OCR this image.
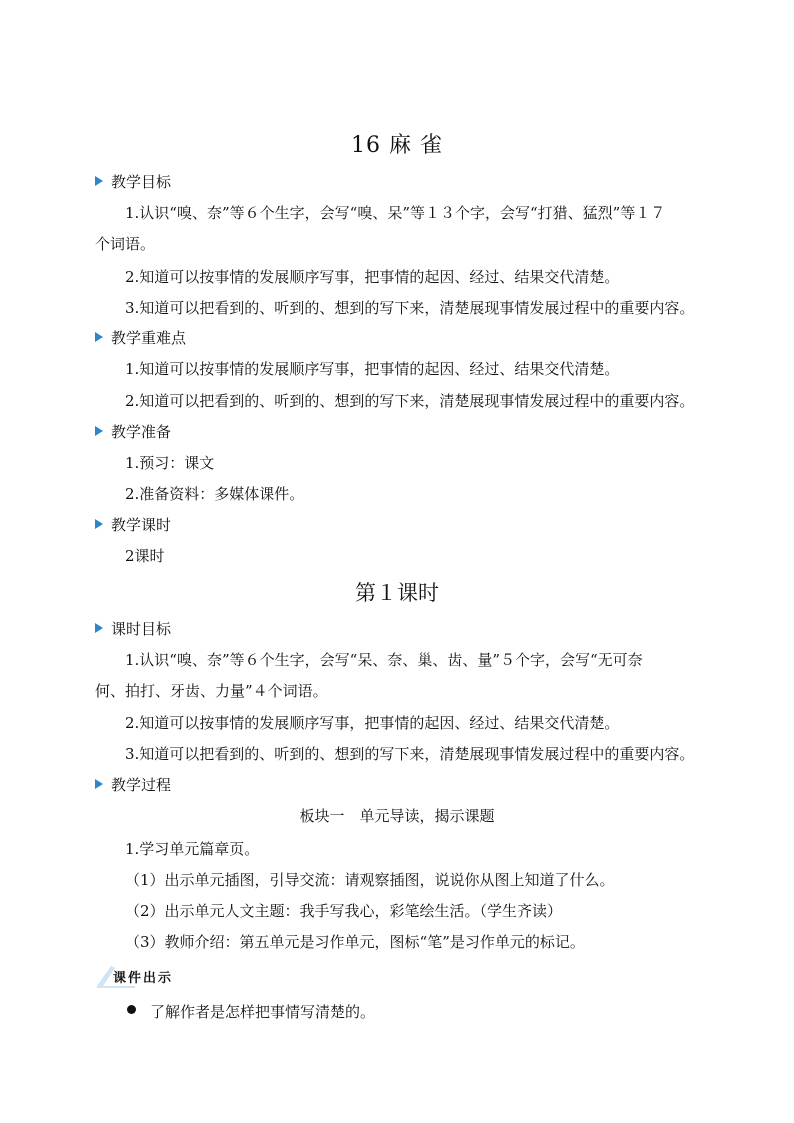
16 麻 雀
教学目标
1.认识“嗅、奈”等６个生字，会写“嗅、呆”等１３个字，会写“打猎、猛烈”等１７
个词语。
2.知道可以按事情的发展顺序写事，把事情的起因、经过、结果交代清楚。
3.知道可以把看到的、听到的、想到的写下来，清楚展现事情发展过程中的重要内容。
教学重难点
1.知道可以按事情的发展顺序写事，把事情的起因、经过、结果交代清楚。
2.知道可以把看到的、听到的、想到的写下来，清楚展现事情发展过程中的重要内容。
教学准备
1.预习：课文
2.准备资料：多媒体课件。
教学课时
2课时
第１课时
课时目标
1.认识“嗅、奈”等６个生字，会写“呆、奈、巢、齿、量”５个字，会写“无可奈
何、拍打、牙齿、力量”４个词语。
2.知道可以按事情的发展顺序写事，把事情的起因、经过、结果交代清楚。
3.知道可以把看到的、听到的、想到的写下来，清楚展现事情发展过程中的重要内容。
教学过程
板块一　单元导读，揭示课题
1.学习单元篇章页。
（1）出示单元插图，引导交流：请观察插图，说说你从图上知道了什么。
（2）出示单元人文主题：我手写我心，彩笔绘生活。（学生齐读）
（3）教师介绍：第五单元是习作单元，图标“笔”是习作单元的标记。
课件出示
了解作者是怎样把事情写清楚的。
